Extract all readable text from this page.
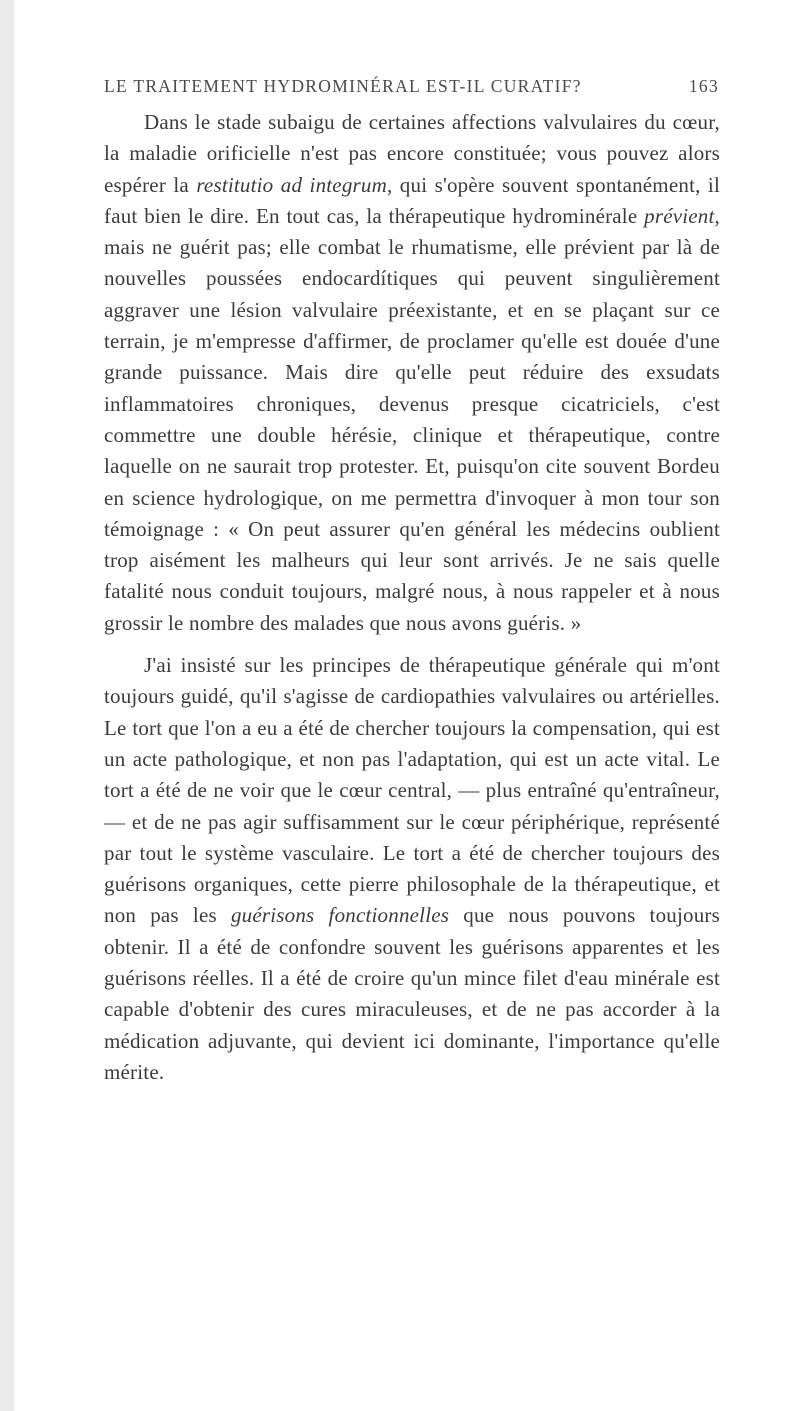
LE TRAITEMENT HYDROMINÉRAL EST-IL CURATIF?	163

Dans le stade subaigu de certaines affections valvulaires du cœur, la maladie orificielle n'est pas encore constituée; vous pouvez alors espérer la restitutio ad integrum, qui s'opère souvent spontanément, il faut bien le dire. En tout cas, la thérapeutique hydrominérale prévient, mais ne guérit pas; elle combat le rhumatisme, elle prévient par là de nouvelles poussées endocardítiques qui peuvent singulièrement aggraver une lésion valvulaire préexistante, et en se plaçant sur ce terrain, je m'empresse d'affirmer, de proclamer qu'elle est douée d'une grande puissance. Mais dire qu'elle peut réduire des exsudats inflammatoires chroniques, devenus presque cicatriciels, c'est commettre une double hérésie, clinique et thérapeutique, contre laquelle on ne saurait trop protester. Et, puisqu'on cite souvent Bordeu en science hydrologique, on me permettra d'invoquer à mon tour son témoignage : « On peut assurer qu'en général les médecins oublient trop aisément les malheurs qui leur sont arrivés. Je ne sais quelle fatalité nous conduit toujours, malgré nous, à nous rappeler et à nous grossir le nombre des malades que nous avons guéris. »

J'ai insisté sur les principes de thérapeutique générale qui m'ont toujours guidé, qu'il s'agisse de cardiopathies valvulaires ou artérielles. Le tort que l'on a eu a été de chercher toujours la compensation, qui est un acte pathologique, et non pas l'adaptation, qui est un acte vital. Le tort a été de ne voir que le cœur central, — plus entraîné qu'entraîneur, — et de ne pas agir suffisamment sur le cœur périphérique, représenté par tout le système vasculaire. Le tort a été de chercher toujours des guérisons organiques, cette pierre philosophale de la thérapeutique, et non pas les guérisons fonctionnelles que nous pouvons toujours obtenir. Il a été de confondre souvent les guérisons apparentes et les guérisons réelles. Il a été de croire qu'un mince filet d'eau minérale est capable d'obtenir des cures miraculeuses, et de ne pas accorder à la médication adjuvante, qui devient ici dominante, l'importance qu'elle mérite.
